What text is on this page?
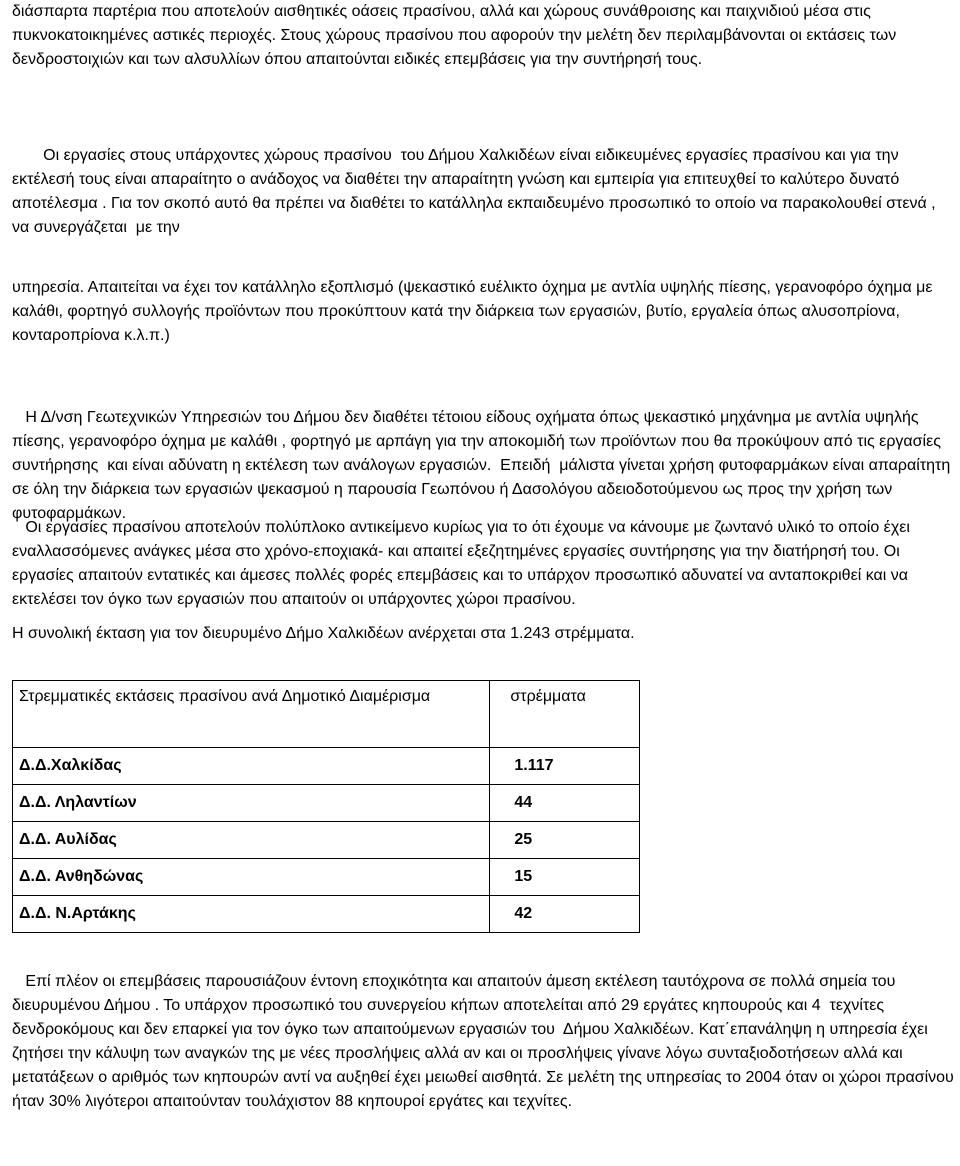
διάσπαρτα παρτέρια που αποτελούν αισθητικές οάσεις πρασίνου, αλλά και χώρους συνάθροισης και παιχνιδιού μέσα στις πυκνοκατοικημένες αστικές περιοχές. Στους χώρους πρασίνου που αφορούν την μελέτη δεν περιλαμβάνονται οι εκτάσεις των δενδροστοιχιών και των αλσυλλίων όπου απαιτούνται ειδικές επεμβάσεις για την συντήρησή τους.

Οι εργασίες στους υπάρχοντες χώρους πρασίνου  του Δήμου Χαλκιδέων είναι ειδικευμένες εργασίες πρασίνου και για την εκτέλεσή τους είναι απαραίτητο ο ανάδοχος να διαθέτει την απαραίτητη γνώση και εμπειρία για επιτευχθεί το καλύτερο δυνατό αποτέλεσμα . Για τον σκοπό αυτό θα πρέπει να διαθέτει το κατάλληλα εκπαιδευμένο προσωπικό το οποίο να παρακολουθεί στενά , να συνεργάζεται  με την

υπηρεσία. Απαιτείται να έχει τον κατάλληλο εξοπλισμό (ψεκαστικό ευέλικτο όχημα με αντλία υψηλής πίεσης, γερανοφόρο όχημα με καλάθι, φορτηγό συλλογής προϊόντων που προκύπτουν κατά την διάρκεια των εργασιών, βυτίο, εργαλεία όπως αλυσοπρίονα, κονταροπρίονα κ.λ.π.)

Η Δ/νση Γεωτεχνικών Υπηρεσιών του Δήμου δεν διαθέτει τέτοιου είδους οχήματα όπως ψεκαστικό μηχάνημα με αντλία υψηλής πίεσης, γερανοφόρο όχημα με καλάθι , φορτηγό με αρπάγη για την αποκομιδή των προϊόντων που θα προκύψουν από τις εργασίες συντήρησης  και είναι αδύνατη η εκτέλεση των ανάλογων εργασιών.  Επειδή  μάλιστα γίνεται χρήση φυτοφαρμάκων είναι απαραίτητη σε όλη την διάρκεια των εργασιών ψεκασμού η παρουσία Γεωπόνου ή Δασολόγου αδειοδοτούμενου ως προς την χρήση των φυτοφαρμάκων.

Οι εργασίες πρασίνου αποτελούν πολύπλοκο αντικείμενο κυρίως για το ότι έχουμε να κάνουμε με ζωντανό υλικό το οποίο έχει εναλλασσόμενες ανάγκες μέσα στο χρόνο-εποχιακά- και απαιτεί εξεζητημένες εργασίες συντήρησης για την διατήρησή του. Οι εργασίες απαιτούν εντατικές και άμεσες πολλές φορές επεμβάσεις και το υπάρχον προσωπικό αδυνατεί να ανταποκριθεί και να εκτελέσει τον όγκο των εργασιών που απαιτούν οι υπάρχοντες χώροι πρασίνου.

Η συνολική έκταση για τον διευρυμένο Δήμο Χαλκιδέων ανέρχεται στα 1.243 στρέμματα.

Στρεμματικές εκτάσεις πρασίνου ανά Δημοτικό Διαμέρισμα	στρέμματα
Δ.Δ.Χαλκίδας	1.117
Δ.Δ. Ληλαντίων	44
Δ.Δ. Αυλίδας	25
Δ.Δ. Ανθηδώνας	15
Δ.Δ. Ν.Αρτάκης	42

Επί πλέον οι επεμβάσεις παρουσιάζουν έντονη εποχικότητα και απαιτούν άμεση εκτέλεση ταυτόχρονα σε πολλά σημεία του διευρυμένου Δήμου . Το υπάρχον προσωπικό του συνεργείου κήπων αποτελείται από 29 εργάτες κηπουρούς και 4  τεχνίτες δενδροκόμους και δεν επαρκεί για τον όγκο των απαιτούμενων εργασιών του  Δήμου Χαλκιδέων. Κατ΄επανάληψη η υπηρεσία έχει ζητήσει την κάλυψη των αναγκών της με νέες προσλήψεις αλλά αν και οι προσλήψεις γίνανε λόγω συνταξιοδοτήσεων αλλά και μετατάξεων ο αριθμός των κηπουρών αντί να αυξηθεί έχει μειωθεί αισθητά. Σε μελέτη της υπηρεσίας το 2004 όταν οι χώροι πρασίνου ήταν 30% λιγότεροι απαιτούνταν τουλάχιστον 88 κηπουροί εργάτες και τεχνίτες.
